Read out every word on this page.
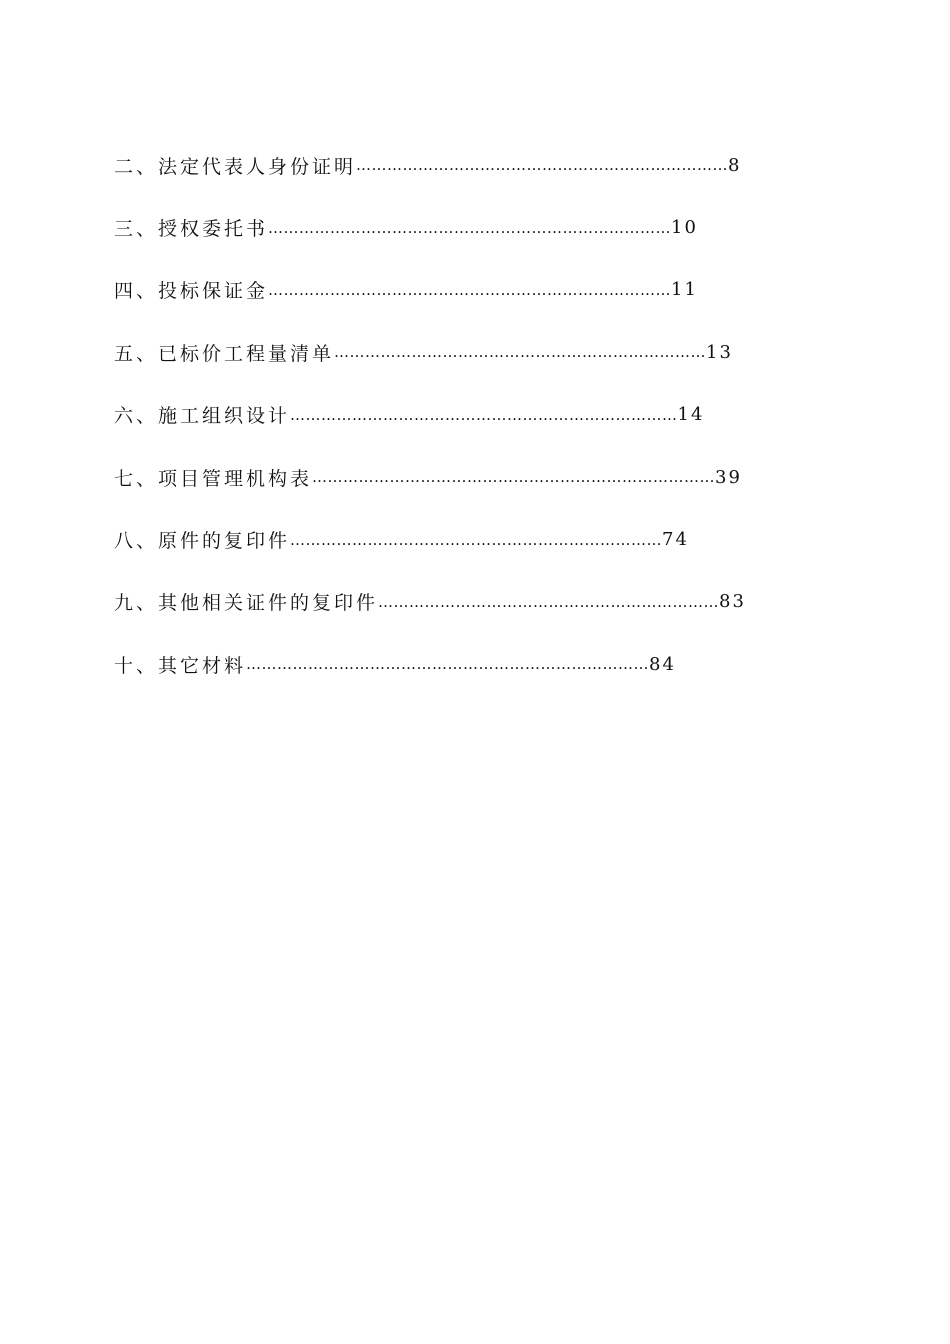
二、法定代表人身份证明 ……………………………………………………………… 8
三、授权委托书 …………………………………………………………………… 10
四、投标保证金 …………………………………………………………………… 11
五、已标价工程量清单 ……………………………………………………………… 13
六、施工组织设计 ………………………………………………………………… 14
七、项目管理机构表 …………………………………………………………………… 39
八、原件的复印件 ……………………………………………………………… 74
九、其他相关证件的复印件 ………………………………………………………… 83
十、其它材料 …………………………………………………………………… 84
